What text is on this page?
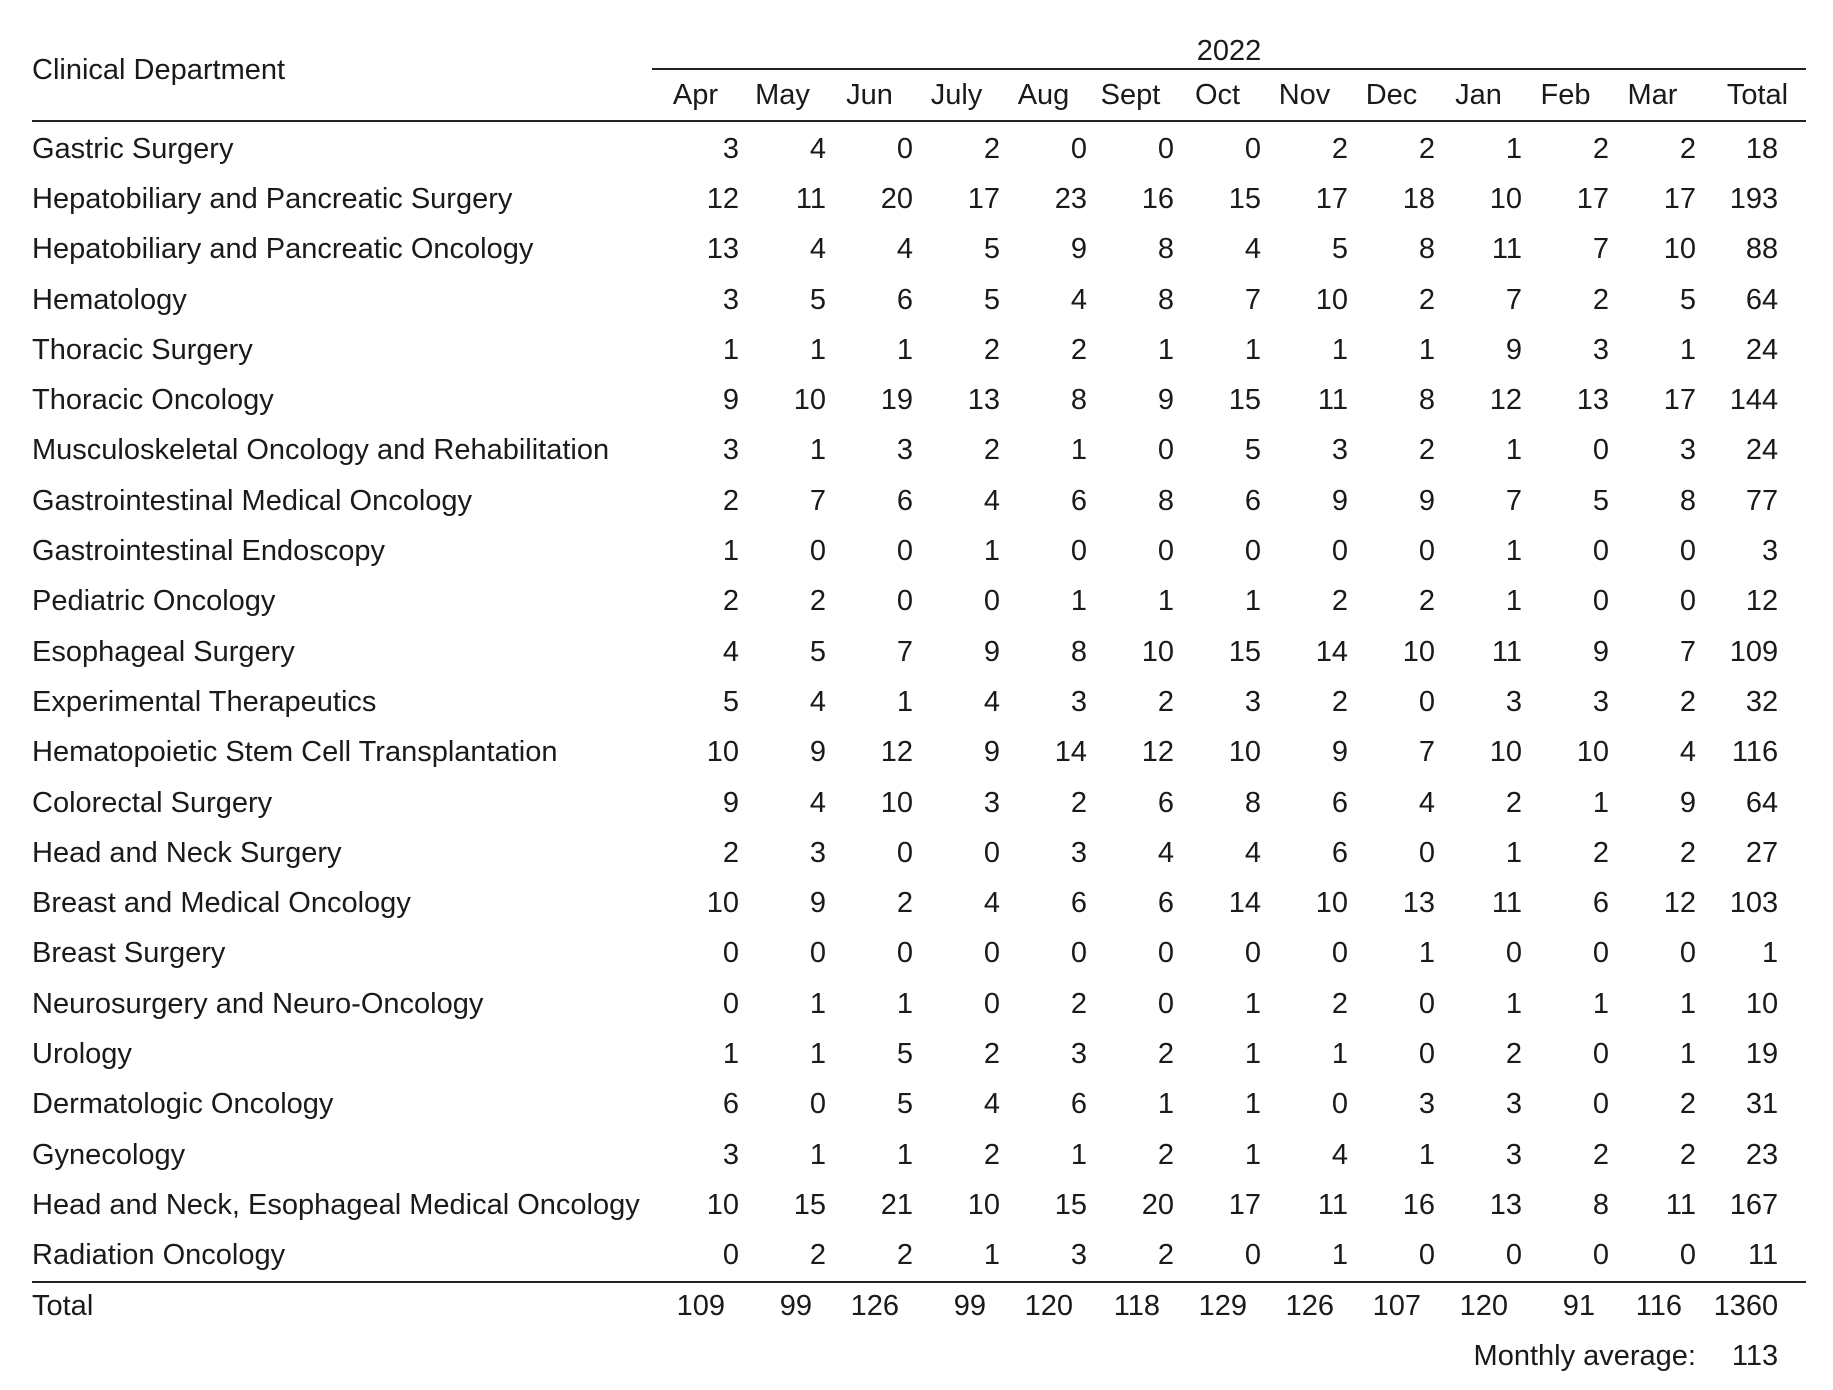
Clinical Department	2022												
	Apr	May	Jun	July	Aug	Sept	Oct	Nov	Dec	Jan	Feb	Mar	Total
Gastric Surgery	3	4	0	2	0	0	0	2	2	1	2	2	18
Hepatobiliary and Pancreatic Surgery	12	11	20	17	23	16	15	17	18	10	17	17	193
Hepatobiliary and Pancreatic Oncology	13	4	4	5	9	8	4	5	8	11	7	10	88
Hematology	3	5	6	5	4	8	7	10	2	7	2	5	64
Thoracic Surgery	1	1	1	2	2	1	1	1	1	9	3	1	24
Thoracic Oncology	9	10	19	13	8	9	15	11	8	12	13	17	144
Musculoskeletal Oncology and Rehabilitation	3	1	3	2	1	0	5	3	2	1	0	3	24
Gastrointestinal Medical Oncology	2	7	6	4	6	8	6	9	9	7	5	8	77
Gastrointestinal Endoscopy	1	0	0	1	0	0	0	0	0	1	0	0	3
Pediatric Oncology	2	2	0	0	1	1	1	2	2	1	0	0	12
Esophageal Surgery	4	5	7	9	8	10	15	14	10	11	9	7	109
Experimental Therapeutics	5	4	1	4	3	2	3	2	0	3	3	2	32
Hematopoietic Stem Cell Transplantation	10	9	12	9	14	12	10	9	7	10	10	4	116
Colorectal Surgery	9	4	10	3	2	6	8	6	4	2	1	9	64
Head and Neck Surgery	2	3	0	0	3	4	4	6	0	1	2	2	27
Breast and Medical Oncology	10	9	2	4	6	6	14	10	13	11	6	12	103
Breast Surgery	0	0	0	0	0	0	0	0	1	0	0	0	1
Neurosurgery and Neuro-Oncology	0	1	1	0	2	0	1	2	0	1	1	1	10
Urology	1	1	5	2	3	2	1	1	0	2	0	1	19
Dermatologic Oncology	6	0	5	4	6	1	1	0	3	3	0	2	31
Gynecology	3	1	1	2	1	2	1	4	1	3	2	2	23
Head and Neck, Esophageal Medical Oncology	10	15	21	10	15	20	17	11	16	13	8	11	167
Radiation Oncology	0	2	2	1	3	2	0	1	0	0	0	0	11
Total	109	99	126	99	120	118	129	126	107	120	91	116	1360
										Monthly average:			113
